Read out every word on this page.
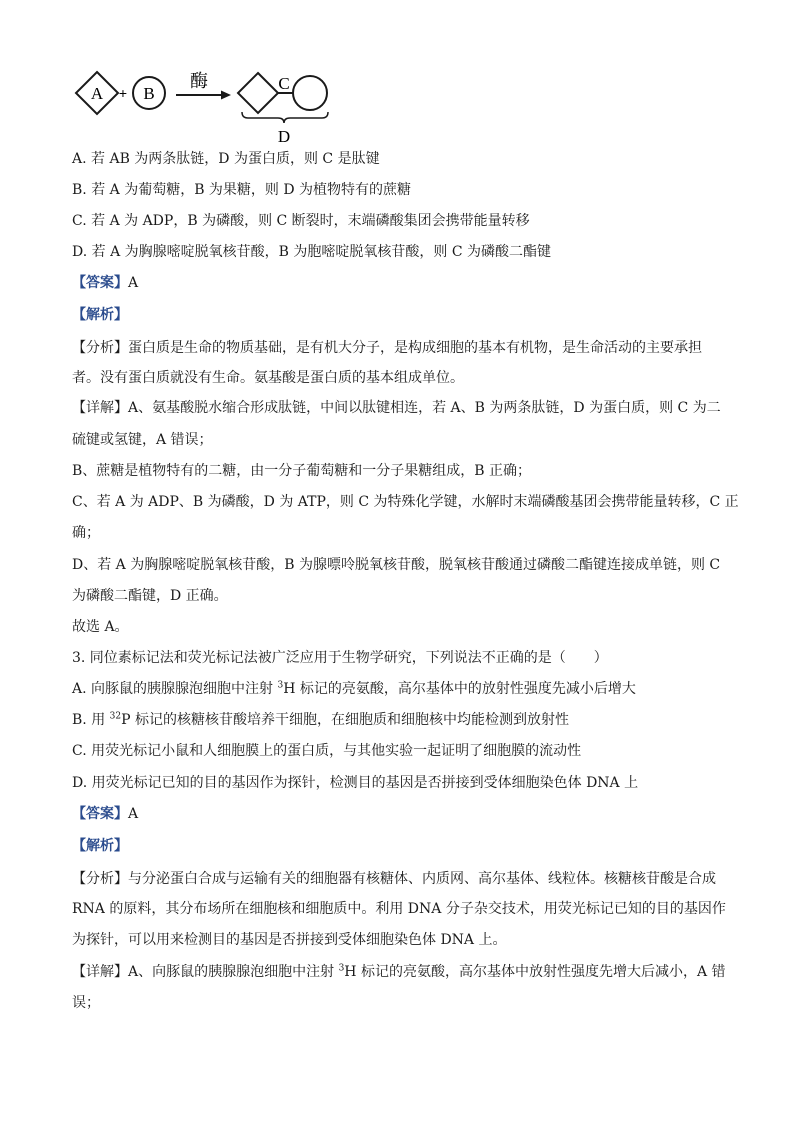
A + B
酶	C
D
A. 若 AB 为两条肽链，D 为蛋白质，则 C 是肽键
B. 若 A 为葡萄糖，B 为果糖，则 D 为植物特有的蔗糖
C. 若 A 为 ADP，B 为磷酸，则 C 断裂时，末端磷酸集团会携带能量转移
D. 若 A 为胸腺嘧啶脱氧核苷酸，B 为胞嘧啶脱氧核苷酸，则 C 为磷酸二酯键
【答案】A
【解析】
【分析】蛋白质是生命的物质基础，是有机大分子，是构成细胞的基本有机物，是生命活动的主要承担
者。没有蛋白质就没有生命。氨基酸是蛋白质的基本组成单位。
【详解】A、氨基酸脱水缩合形成肽链，中间以肽键相连，若 A、B 为两条肽链，D 为蛋白质，则 C 为二
硫键或氢键，A 错误；
B、蔗糖是植物特有的二糖，由一分子葡萄糖和一分子果糖组成，B 正确；
C、若 A 为 ADP、B 为磷酸，D 为 ATP，则 C 为特殊化学键，水解时末端磷酸基团会携带能量转移，C 正
确；
D、若 A 为胸腺嘧啶脱氧核苷酸，B 为腺嘌呤脱氧核苷酸，脱氧核苷酸通过磷酸二酯键连接成单链，则 C
为磷酸二酯键，D 正确。
故选 A。
3. 同位素标记法和荧光标记法被广泛应用于生物学研究，下列说法不正确的是（　　）
A. 向豚鼠的胰腺腺泡细胞中注射 $^3$H 标记的亮氨酸，高尔基体中的放射性强度先减小后增大
B. 用 $^{32}$P 标记的核糖核苷酸培养干细胞，在细胞质和细胞核中均能检测到放射性
C. 用荧光标记小鼠和人细胞膜上的蛋白质，与其他实验一起证明了细胞膜的流动性
D. 用荧光标记已知的目的基因作为探针，检测目的基因是否拼接到受体细胞染色体 DNA 上
【答案】A
【解析】
【分析】与分泌蛋白合成与运输有关的细胞器有核糖体、内质网、高尔基体、线粒体。核糖核苷酸是合成
RNA 的原料，其分布场所在细胞核和细胞质中。利用 DNA 分子杂交技术，用荧光标记已知的目的基因作
为探针，可以用来检测目的基因是否拼接到受体细胞染色体 DNA 上。
【详解】A、向豚鼠的胰腺腺泡细胞中注射 $^3$H 标记的亮氨酸，高尔基体中放射性强度先增大后减小，A 错
误；
